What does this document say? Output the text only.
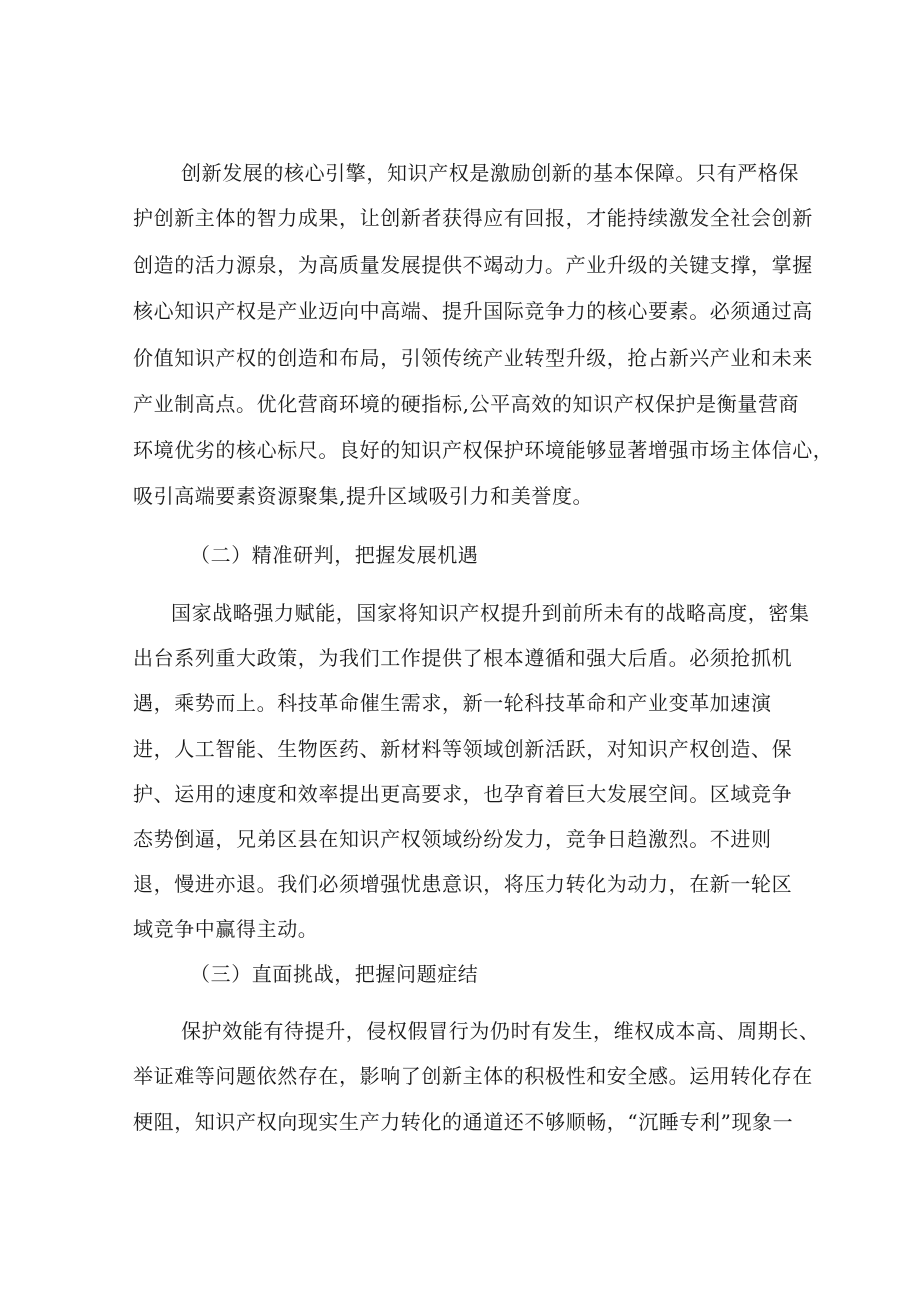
创新发展的核心引擎，知识产权是激励创新的基本保障。只有严格保
护创新主体的智力成果，让创新者获得应有回报，才能持续激发全社会创新
创造的活力源泉，为高质量发展提供不竭动力。产业升级的关键支撑，掌握
核心知识产权是产业迈向中高端、提升国际竞争力的核心要素。必须通过高
价值知识产权的创造和布局，引领传统产业转型升级，抢占新兴产业和未来
产业制高点。优化营商环境的硬指标,公平高效的知识产权保护是衡量营商
环境优劣的核心标尺。良好的知识产权保护环境能够显著增强市场主体信心，
吸引高端要素资源聚集,提升区域吸引力和美誉度。
（二）精准研判，把握发展机遇
国家战略强力赋能，国家将知识产权提升到前所未有的战略高度，密集
出台系列重大政策，为我们工作提供了根本遵循和强大后盾。必须抢抓机
遇，乘势而上。科技革命催生需求，新一轮科技革命和产业变革加速演
进，人工智能、生物医药、新材料等领域创新活跃，对知识产权创造、保
护、运用的速度和效率提出更高要求，也孕育着巨大发展空间。区域竞争
态势倒逼，兄弟区县在知识产权领域纷纷发力，竞争日趋激烈。不进则
退，慢进亦退。我们必须增强忧患意识，将压力转化为动力，在新一轮区
域竞争中赢得主动。
（三）直面挑战，把握问题症结
保护效能有待提升，侵权假冒行为仍时有发生，维权成本高、周期长、
举证难等问题依然存在，影响了创新主体的积极性和安全感。运用转化存在
梗阻，知识产权向现实生产力转化的通道还不够顺畅，“沉睡专利”现象一
